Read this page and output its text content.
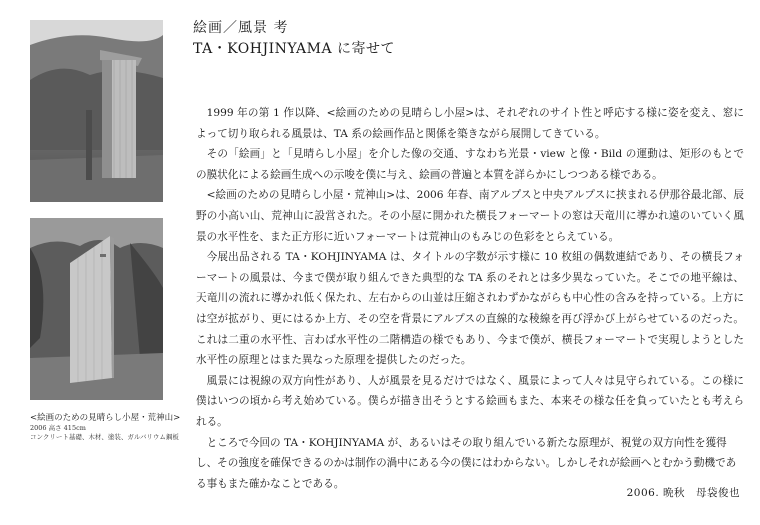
<絵画のための見晴らし小屋・荒神山>
2006 高さ 415cm
コンクリート基礎、木材、塗装、ガルバリウム鋼板
絵画／風景 考
TA・KOHJINYAMA に寄せて

1999 年の第 1 作以降、<絵画のための見晴らし小屋>は、それぞれのサイト性と呼応する様に姿を変え、窓によって切り取られる風景は、TA 系の絵画作品と関係を築きながら展開してきている。

その「絵画」と「見晴らし小屋」を介した像の交通、すなわち光景・view と像・Bild の運動は、矩形のもとでの膜状化による絵画生成への示唆を僕に与え、絵画の普遍と本質を詳らかにしつつある様である。

<絵画のための見晴らし小屋・荒神山>は、2006 年春、南アルプスと中央アルプスに挟まれる伊那谷最北部、辰野の小高い山、荒神山に設営された。その小屋に開かれた横長フォーマートの窓は天竜川に導かれ遠のいていく風景の水平性を、また正方形に近いフォーマートは荒神山のもみじの色彩をとらえている。

今展出品される TA・KOHJINYAMA は、タイトルの字数が示す様に 10 枚組の偶数連結であり、その横長フォーマートの風景は、今まで僕が取り組んできた典型的な TA 系のそれとは多少異なっていた。そこでの地平線は、天竜川の流れに導かれ低く保たれ、左右からの山並は圧縮されわずかながらも中心性の含みを持っている。上方には空が拡がり、更にはるか上方、その空を背景にアルプスの直線的な稜線を再び浮かび上がらせているのだった。これは二重の水平性、言わば水平性の二階構造の様でもあり、今まで僕が、横長フォーマートで実現しようとした水平性の原理とはまた異なった原理を提供したのだった。

風景には視線の双方向性があり、人が風景を見るだけではなく、風景によって人々は見守られている。この様に僕はいつの頃から考え始めている。僕らが描き出そうとする絵画もまた、本来その様な任を負っていたとも考えられる。

ところで今回の TA・KOHJINYAMA が、あるいはその取り組んでいる新たな原理が、視覚の双方向性を獲得し、その強度を確保できるのかは制作の渦中にある今の僕にはわからない。しかしそれが絵画へとむかう動機である事もまた確かなことである。

2006. 晩秋　母袋俊也
